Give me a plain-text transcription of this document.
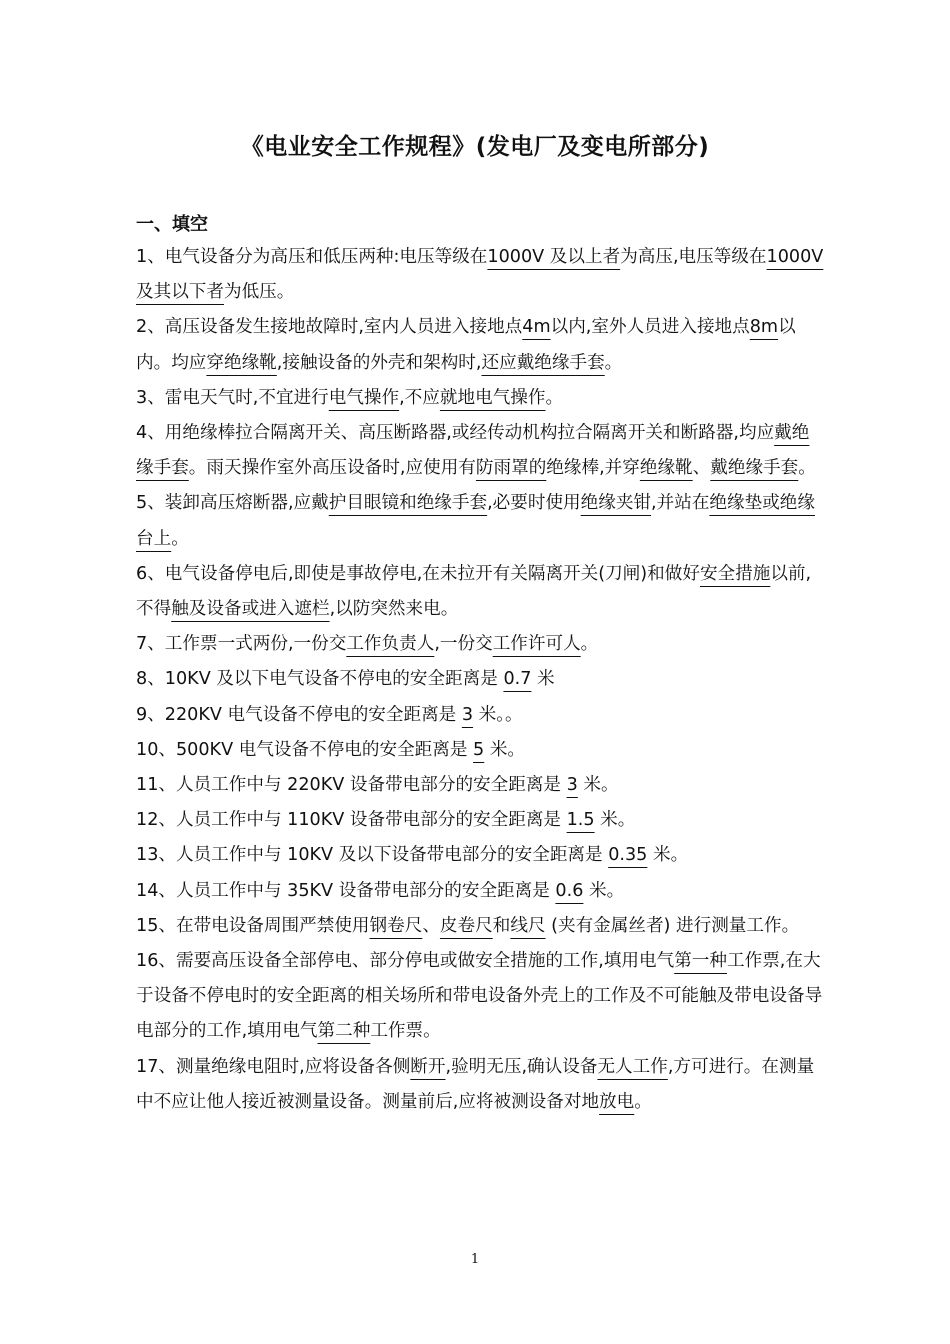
《电业安全工作规程》(发电厂及变电所部分)
一、填空

1、电气设备分为高压和低压两种:电压等级在1000V 及以上者为高压,电压等级在1000V 及其以下者为低压。

2、高压设备发生接地故障时,室内人员进入接地点4m以内,室外人员进入接地点8m以内。均应穿绝缘靴,接触设备的外壳和架构时,还应戴绝缘手套。

3、雷电天气时,不宜进行电气操作,不应就地电气操作。

4、用绝缘棒拉合隔离开关、高压断路器,或经传动机构拉合隔离开关和断路器,均应戴绝缘手套。雨天操作室外高压设备时,应使用有防雨罩的绝缘棒,并穿绝缘靴、戴绝缘手套。

5、装卸高压熔断器,应戴护目眼镜和绝缘手套,必要时使用绝缘夹钳,并站在绝缘垫或绝缘台上。

6、电气设备停电后,即使是事故停电,在未拉开有关隔离开关(刀闸)和做好安全措施以前,不得触及设备或进入遮栏,以防突然来电。

7、工作票一式两份,一份交工作负责人,一份交工作许可人。

8、10KV 及以下电气设备不停电的安全距离是 0.7 米

9、220KV 电气设备不停电的安全距离是 3 米。。

10、500KV 电气设备不停电的安全距离是 5 米。

11、人员工作中与 220KV 设备带电部分的安全距离是 3 米。

12、人员工作中与 110KV 设备带电部分的安全距离是 1.5 米。

13、人员工作中与 10KV 及以下设备带电部分的安全距离是 0.35 米。

14、人员工作中与 35KV 设备带电部分的安全距离是 0.6 米。

15、在带电设备周围严禁使用钢卷尺、皮卷尺和线尺 (夹有金属丝者) 进行测量工作。

16、需要高压设备全部停电、部分停电或做安全措施的工作,填用电气第一种工作票,在大于设备不停电时的安全距离的相关场所和带电设备外壳上的工作及不可能触及带电设备导电部分的工作,填用电气第二种工作票。

17、测量绝缘电阻时,应将设备各侧断开,验明无压,确认设备无人工作,方可进行。在测量中不应让他人接近被测量设备。测量前后,应将被测设备对地放电。

1
